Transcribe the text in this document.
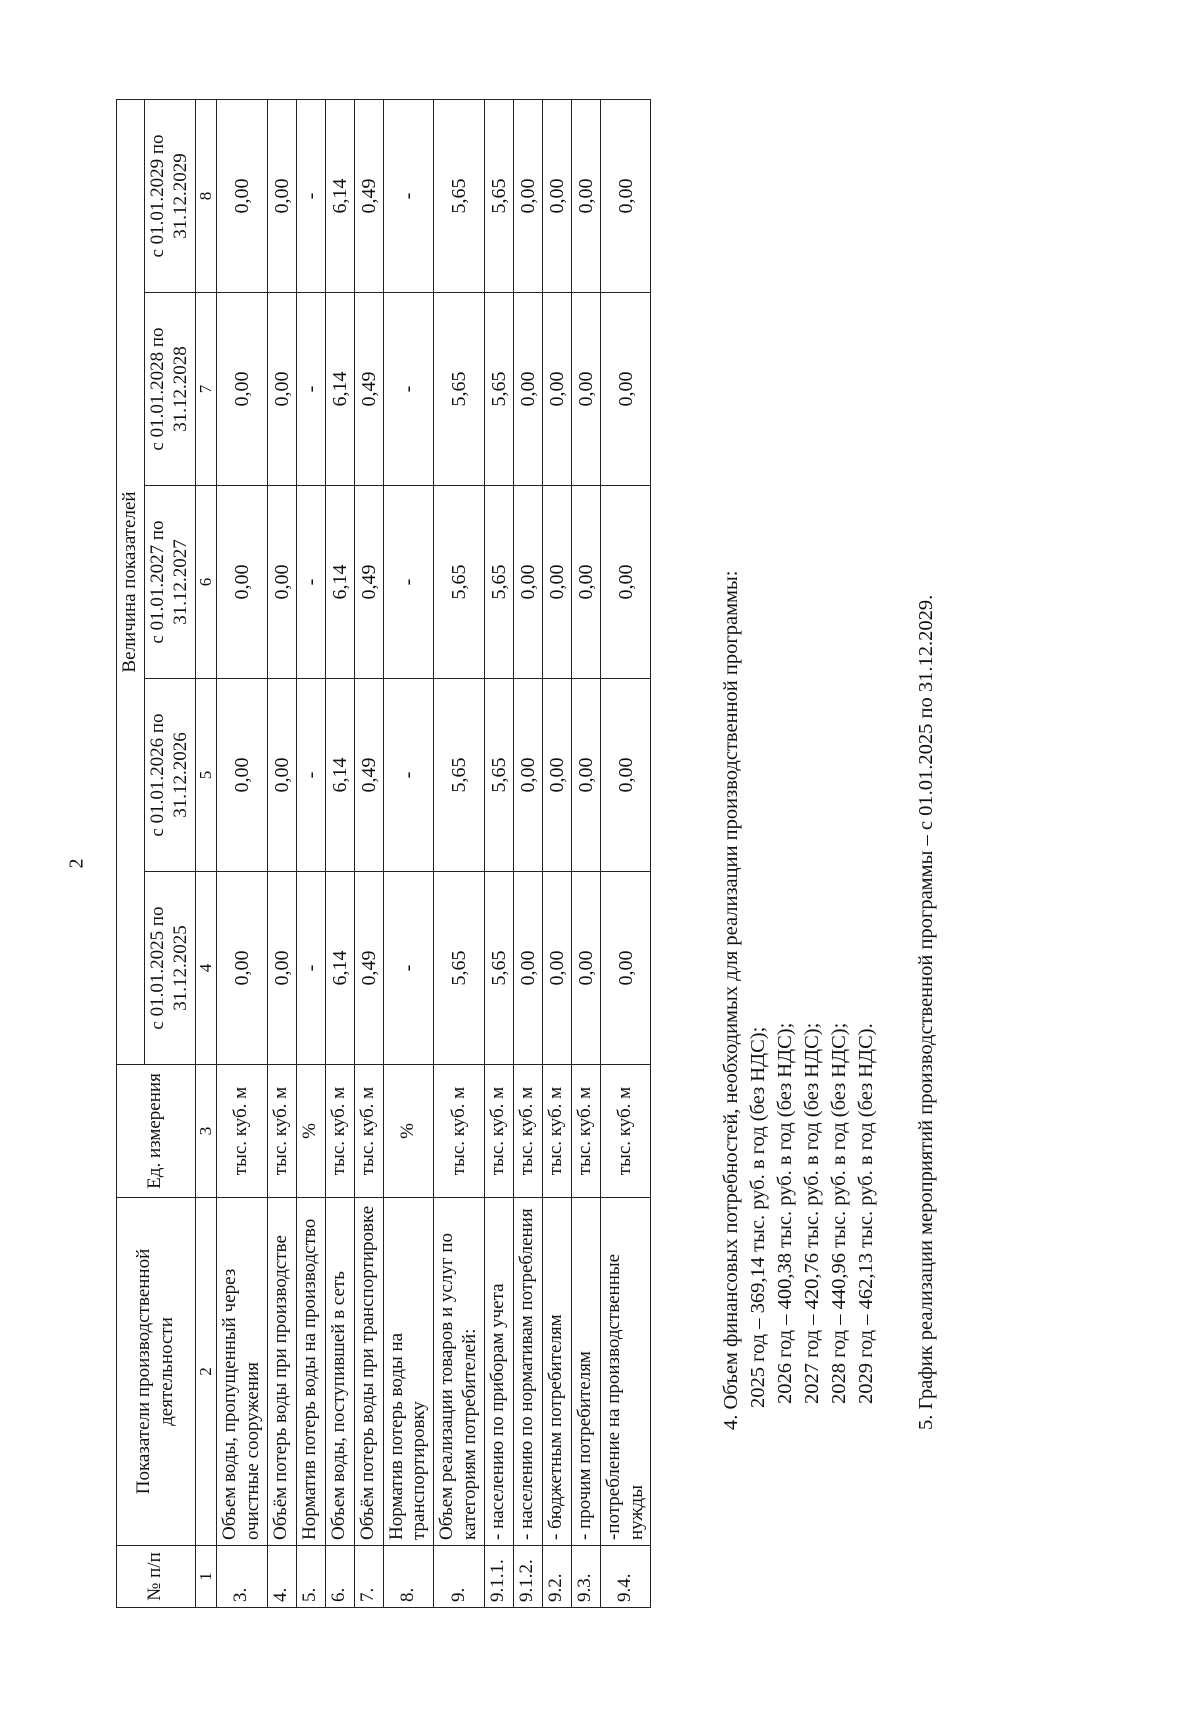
2
№ п/п	Показатели производственной деятельности	Ед. измерения	Величина показателей				
			с 01.01.2025 по 31.12.2025	с 01.01.2026 по 31.12.2026	с 01.01.2027 по 31.12.2027	с 01.01.2028 по 31.12.2028	с 01.01.2029 по 31.12.2029
1	2	3	4	5	6	7	8
3.	Объем воды, пропущенный через очистные сооружения	тыс. куб. м	0,00	0,00	0,00	0,00	0,00
4.	Объём потерь воды при производстве	тыс. куб. м	0,00	0,00	0,00	0,00	0,00
5.	Норматив потерь воды на производство	%	-	-	-	-	-
6.	Объем воды, поступившей в сеть	тыс. куб. м	6,14	6,14	6,14	6,14	6,14
7.	Объём потерь воды при транспортировке	тыс. куб. м	0,49	0,49	0,49	0,49	0,49
8.	Норматив потерь воды на транспортировку	%	-	-	-	-	-
9.	Объем реализации товаров и услуг по категориям потребителей:	тыс. куб. м	5,65	5,65	5,65	5,65	5,65
9.1.1.	- населению по приборам учета	тыс. куб. м	5,65	5,65	5,65	5,65	5,65
9.1.2.	- населению по нормативам потребления	тыс. куб. м	0,00	0,00	0,00	0,00	0,00
9.2.	- бюджетным потребителям	тыс. куб. м	0,00	0,00	0,00	0,00	0,00
9.3.	- прочим потребителям	тыс. куб. м	0,00	0,00	0,00	0,00	0,00
9.4.	-потребление на производственные нужды	тыс. куб. м	0,00	0,00	0,00	0,00	0,00
4. Объем финансовых потребностей, необходимых для реализации производственной программы: 2025 год – 369,14 тыс. руб. в год (без НДС); 2026 год – 400,38 тыс. руб. в год (без НДС); 2027 год – 420,76 тыс. руб. в год (без НДС); 2028 год – 440,96 тыс. руб. в год (без НДС); 2029 год – 462,13 тыс. руб. в год (без НДС). 5. График реализации мероприятий производственной программы – с 01.01.2025 по 31.12.2029.
